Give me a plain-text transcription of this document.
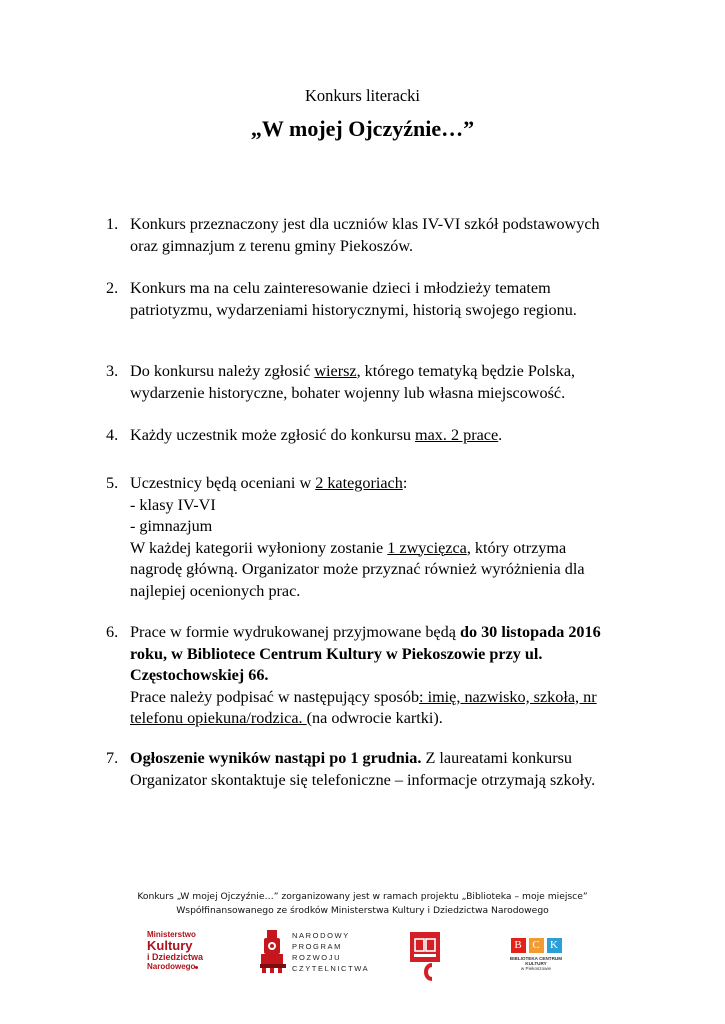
Konkurs literacki
„W mojej Ojczyźnie…”
1. Konkurs przeznaczony jest dla uczniów klas IV-VI szkół podstawowych
oraz gimnazjum z terenu gminy Piekoszów.
2. Konkurs ma na celu zainteresowanie dzieci i młodzieży tematem
patriotyzmu, wydarzeniami historycznymi, historią swojego regionu.
3. Do konkursu należy zgłosić wiersz, którego tematyką będzie Polska,
wydarzenie historyczne, bohater wojenny lub własna miejscowość.
4. Każdy uczestnik może zgłosić do konkursu max. 2 prace.
5. Uczestnicy będą oceniani w 2 kategoriach:
- klasy IV-VI
- gimnazjum
W każdej kategorii wyłoniony zostanie 1 zwycięzca, który otrzyma
nagrodę główną. Organizator może przyznać również wyróżnienia dla
najlepiej ocenionych prac.
6. Prace w formie wydrukowanej przyjmowane będą do 30 listopada 2016
roku, w Bibliotece Centrum Kultury w Piekoszowie przy ul.
Częstochowskiej 66.
Prace należy podpisać w następujący sposób: imię, nazwisko, szkoła, nr
telefonu opiekuna/rodzica. (na odwrocie kartki).
7. Ogłoszenie wyników nastąpi po 1 grudnia. Z laureatami konkursu
Organizator skontaktuje się telefoniczne – informacje otrzymają szkoły.
Konkurs „W mojej Ojczyźnie…” zorganizowany jest w ramach projektu „Biblioteka – moje miejsce”
Współfinansowanego ze środków Ministerstwa Kultury i Dziedzictwa Narodowego
Ministerstwo
Kultury
i Dziedzictwa
Narodowego
NARODOWY
PROGRAM
ROZWOJU
CZYTELNICTWA
B C K
BIBLIOTEKA CENTRUM KULTURY
w Piekoszowie
